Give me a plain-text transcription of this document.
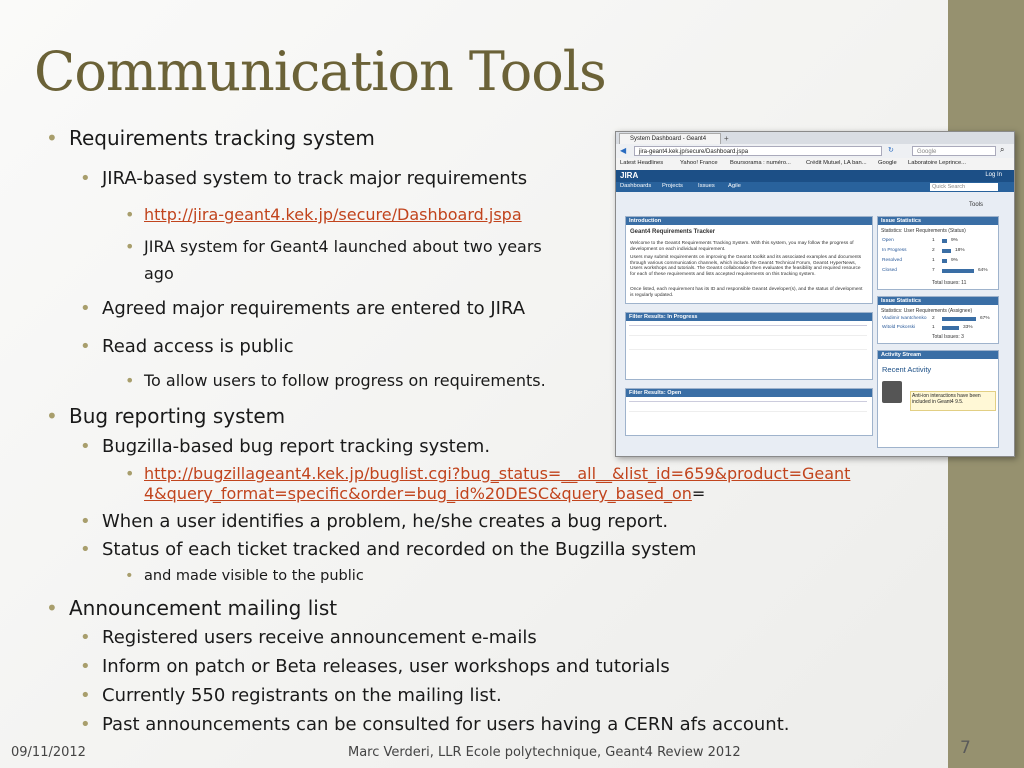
Communication Tools
• Requirements tracking system
• JIRA-based system to track major requirements
• http://jira-geant4.kek.jp/secure/Dashboard.jspa
• JIRA system for Geant4 launched about two years
ago
• Agreed major requirements are entered to JIRA
• Read access is public
• To allow users to follow progress on requirements.
• Bug reporting system
• Bugzilla-based bug report tracking system.
• http://bugzillageant4.kek.jp/buglist.cgi?bug_status=__all__&list_id=659&product=Geant
4&query_format=specific&order=bug_id%20DESC&query_based_on=
• When a user identifies a problem, he/she creates a bug report.
• Status of each ticket tracked and recorded on the Bugzilla system
• and made visible to the public
• Announcement mailing list
• Registered users receive announcement e-mails
• Inform on patch or Beta releases, user workshops and tutorials
• Currently 550 registrants on the mailing list.
• Past announcements can be consulted for users having a CERN afs account.
System Dashboard - Geant4	+
◀	jira-geant4.kek.jp/secure/Dashboard.jspa	↻	Google	⌕
Latest Headlines	Yahoo! France Boursorama : numéro...	Crédit Mutuel, LA ban... Google Laboratoire Leprince...
JIRA	Log In
Dashboards Projects	Issues Agile	Quick Search
Tools
Introduction
Geant4 Requirements Tracker
Welcome to the Geant4 Requirements Tracking System. With this system, you may follow the progress of development on each individual requirement.
Users may submit requirements on improving the Geant4 toolkit and its associated examples and documents through various communication channels, which include the Geant4 Technical Forum, Geant4 HyperNews, Users workshops and tutorials. The Geant4 collaboration then evaluates the feasibility and required resource for each of these requirements and lists accepted requirements on this tracking system.
Once listed, each requirement has its ID and responsible Geant4 developer(s), and the status of development is regularly updated.
Issue Statistics
Statistics: User Requirements (Status)
Open	1	9%
In Progress	2	18%
Resolved	1	9%
Closed	7	64%
Total Issues: 11
Issue Statistics
Statistics: User Requirements (Assignee)
Vladimir Ivantchenko 2	67%
Witold Pokorski	1	33%
Total Issues: 3
Filter Results: In Progress
Filter Results: Open
Activity Stream
Recent Activity
Anti-ion interactions have been included in Geant4 9.5.
09/11/2012	Marc Verderi, LLR Ecole polytechnique, Geant4 Review 2012	7
